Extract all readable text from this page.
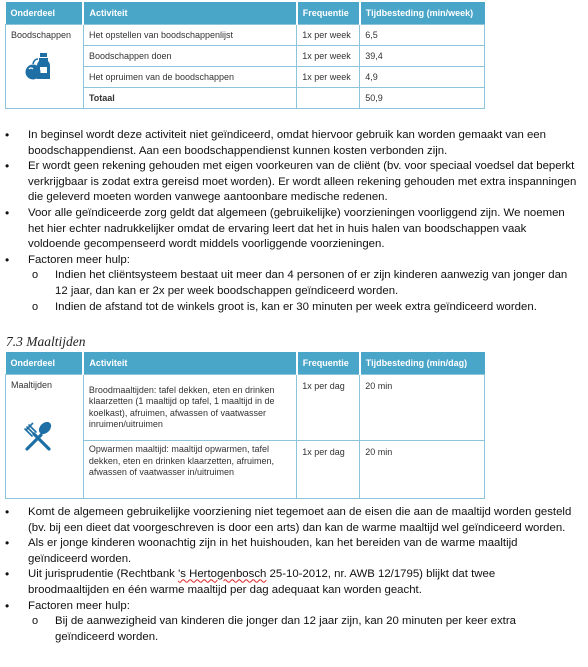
Onderdeel	Activiteit	Frequentie	Tijdbesteding (min/week)

Boodschappen	Het opstellen van boodschappenlijst	1x per week	6,5
	Boodschappen doen	1x per week	39,4
	Het opruimen van de boodschappen	1x per week	4,9
	Totaal		50,9
• In beginsel wordt deze activiteit niet geïndiceerd, omdat hiervoor gebruik kan worden gemaakt van een boodschappendienst. Aan een boodschappendienst kunnen kosten verbonden zijn.
• Er wordt geen rekening gehouden met eigen voorkeuren van de cliënt (bv. voor speciaal voedsel dat beperkt verkrijgbaar is zodat extra gereisd moet worden). Er wordt alleen rekening gehouden met extra inspanningen die geleverd moeten worden vanwege aantoonbare medische redenen.
• Voor alle geïndiceerde zorg geldt dat algemeen (gebruikelijke) voorzieningen voorliggend zijn. We noemen het hier echter nadrukkelijker omdat de ervaring leert dat het in huis halen van boodschappen vaak voldoende gecompenseerd wordt middels voorliggende voorzieningen.
• Factoren meer hulp:
o Indien het cliëntsysteem bestaat uit meer dan 4 personen of er zijn kinderen aanwezig van jonger dan 12 jaar, dan kan er 2x per week boodschappen geïndiceerd worden.
o Indien de afstand tot de winkels groot is, kan er 30 minuten per week extra geïndiceerd worden.
7.3 Maaltijden
Onderdeel	Activiteit	Frequentie	Tijdbesteding (min/dag)

Maaltijden	Broodmaaltijden: tafel dekken, eten en drinken klaarzetten (1 maaltijd op tafel, 1 maaltijd in de koelkast), afruimen, afwassen of vaatwasser inruimen/uitruimen	1x per dag	20 min
	Opwarmen maaltijd: maaltijd opwarmen, tafel dekken, eten en drinken klaarzetten, afruimen, afwassen of vaatwasser in/uitruimen	1x per dag	20 min
• Komt de algemeen gebruikelijke voorziening niet tegemoet aan de eisen die aan de maaltijd worden gesteld (bv. bij een dieet dat voorgeschreven is door een arts) dan kan de warme maaltijd wel geïndiceerd worden.
• Als er jonge kinderen woonachtig zijn in het huishouden, kan het bereiden van de warme maaltijd geïndiceerd worden.
• Uit jurisprudentie (Rechtbank 's Hertogenbosch 25-10-2012, nr. AWB 12/1795) blijkt dat twee broodmaaltijden en één warme maaltijd per dag adequaat kan worden geacht.
• Factoren meer hulp:
o Bij de aanwezigheid van kinderen die jonger dan 12 jaar zijn, kan 20 minuten per keer extra geïndiceerd worden.
